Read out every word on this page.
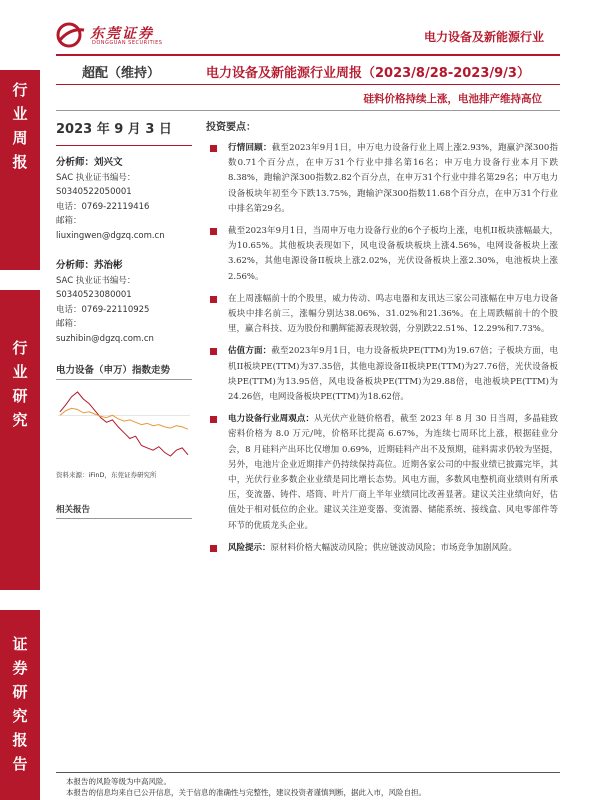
东莞证券
DONGGUAN SECURITIES	电力设备及新能源行业
行
业
周
报
行
业
研
究
证
券
研
究
报
告
超配（维持）	电力设备及新能源行业周报（2023/8/28-2023/9/3）
硅料价格持续上涨，电池排产维持高位
2023 年 9 月 3 日
分析师：刘兴文
SAC 执业证书编号：
S0340522050001
电话：0769-22119416
邮箱：
liuxingwen@dgzq.com.cn
分析师：苏治彬
SAC 执业证书编号：
S0340523080001
电话：0769-22110925
邮箱：
suzhibin@dgzq.com.cn
电力设备（申万）指数走势
资料来源：iFinD，东莞证券研究所
相关报告
投资要点：
行情回顾：截至2023年9月1日，申万电力设备行业上周上涨2.93%，跑赢沪深300指数0.71个百分点，在申万31个行业中排名第16名；申万电力设备行业本月下跌8.38%，跑输沪深300指数2.82个百分点，在申万31个行业中排名第29名；申万电力设备板块年初至今下跌13.75%，跑输沪深300指数11.68个百分点，在申万31个行业中排名第29名。
截至2023年9月1日，当周申万电力设备行业的6个子板均上涨，电机II板块涨幅最大，为10.65%。其他板块表现如下，风电设备板块板块上涨4.56%，电网设备板块上涨3.62%，其他电源设备II板块上涨2.02%，光伏设备板块上涨2.30%，电池板块上涨2.56%。
在上周涨幅前十的个股里，威力传动、鸣志电器和友讯达三家公司涨幅在申万电力设备板块中排名前三，涨幅分别达38.06%、31.02%和21.36%。在上周跌幅前十的个股里，赢合科技、迈为股份和鹏辉能源表现较弱，分别跌22.51%、12.29%和7.73%。
估值方面：截至2023年9月1日，电力设备板块PE(TTM)为19.67倍；子板块方面，电机II板块PE(TTM)为37.35倍，其他电源设备II板块PE(TTM)为27.76倍，光伏设备板块PE(TTM)为13.95倍，风电设备板块PE(TTM)为29.88倍，电池板块PE(TTM)为24.26倍，电网设备板块PE(TTM)为18.62倍。
电力设备行业周观点：从光伏产业链价格看，截至 2023 年 8 月 30 日当周，多晶硅致密料价格为 8.0 万元/吨，价格环比提高 6.67%，为连续七周环比上涨，根据硅业分会，8 月硅料产出环比仅增加 0.69%，近期硅料产出不及预期，硅料需求仍较为坚挺，另外，电池片企业近期排产仍持续保持高位。近期各家公司的中报业绩已披露完毕，其中，光伏行业多数企业业绩是同比增长态势。风电方面，多数风电整机商业绩则有所承压，变流器、铸件、塔筒、叶片厂商上半年业绩同比改善显著。建议关注业绩向好，估值处于相对低位的企业。建议关注逆变器、变流器、储能系统、接线盒、风电零部件等环节的优质龙头企业。
风险提示：原材料价格大幅波动风险；供应链波动风险；市场竞争加剧风险。
本报告的风险等级为中高风险。
本报告的信息均来自已公开信息，关于信息的准确性与完整性，建议投资者谨慎判断，据此入市，风险自担。
